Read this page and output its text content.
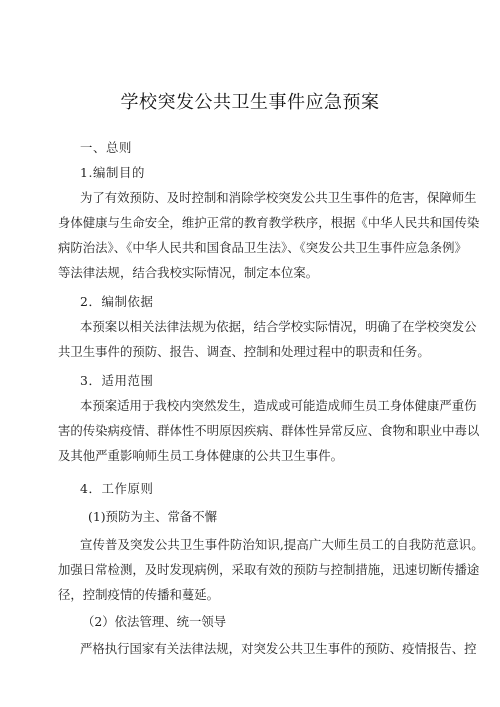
学校突发公共卫生事件应急预案
一、总则
1.编制目的
为了有效预防、及时控制和消除学校突发公共卫生事件的危害，保障师生
身体健康与生命安全，维护正常的教育教学秩序，根据《中华人民共和国传染
病防治法》、《中华人民共和国食品卫生法》、《突发公共卫生事件应急条例》
等法律法规，结合我校实际情况，制定本位案。
2．编制依据
本预案以相关法律法规为依据，结合学校实际情况，明确了在学校突发公
共卫生事件的预防、报告、调查、控制和处理过程中的职责和任务。
3．适用范围
本预案适用于我校内突然发生，造成或可能造成师生员工身体健康严重伤
害的传染病疫情、群体性不明原因疾病、群体性异常反应、食物和职业中毒以
及其他严重影响师生员工身体健康的公共卫生事件。
4．工作原则
(1)预防为主、常备不懈
宣传普及突发公共卫生事件防治知识,提高广大师生员工的自我防范意识。
加强日常检测，及时发现病例，采取有效的预防与控制措施，迅速切断传播途
径，控制疫情的传播和蔓延。
（2）依法管理、统一领导
严格执行国家有关法律法规，对突发公共卫生事件的预防、疫情报告、控
